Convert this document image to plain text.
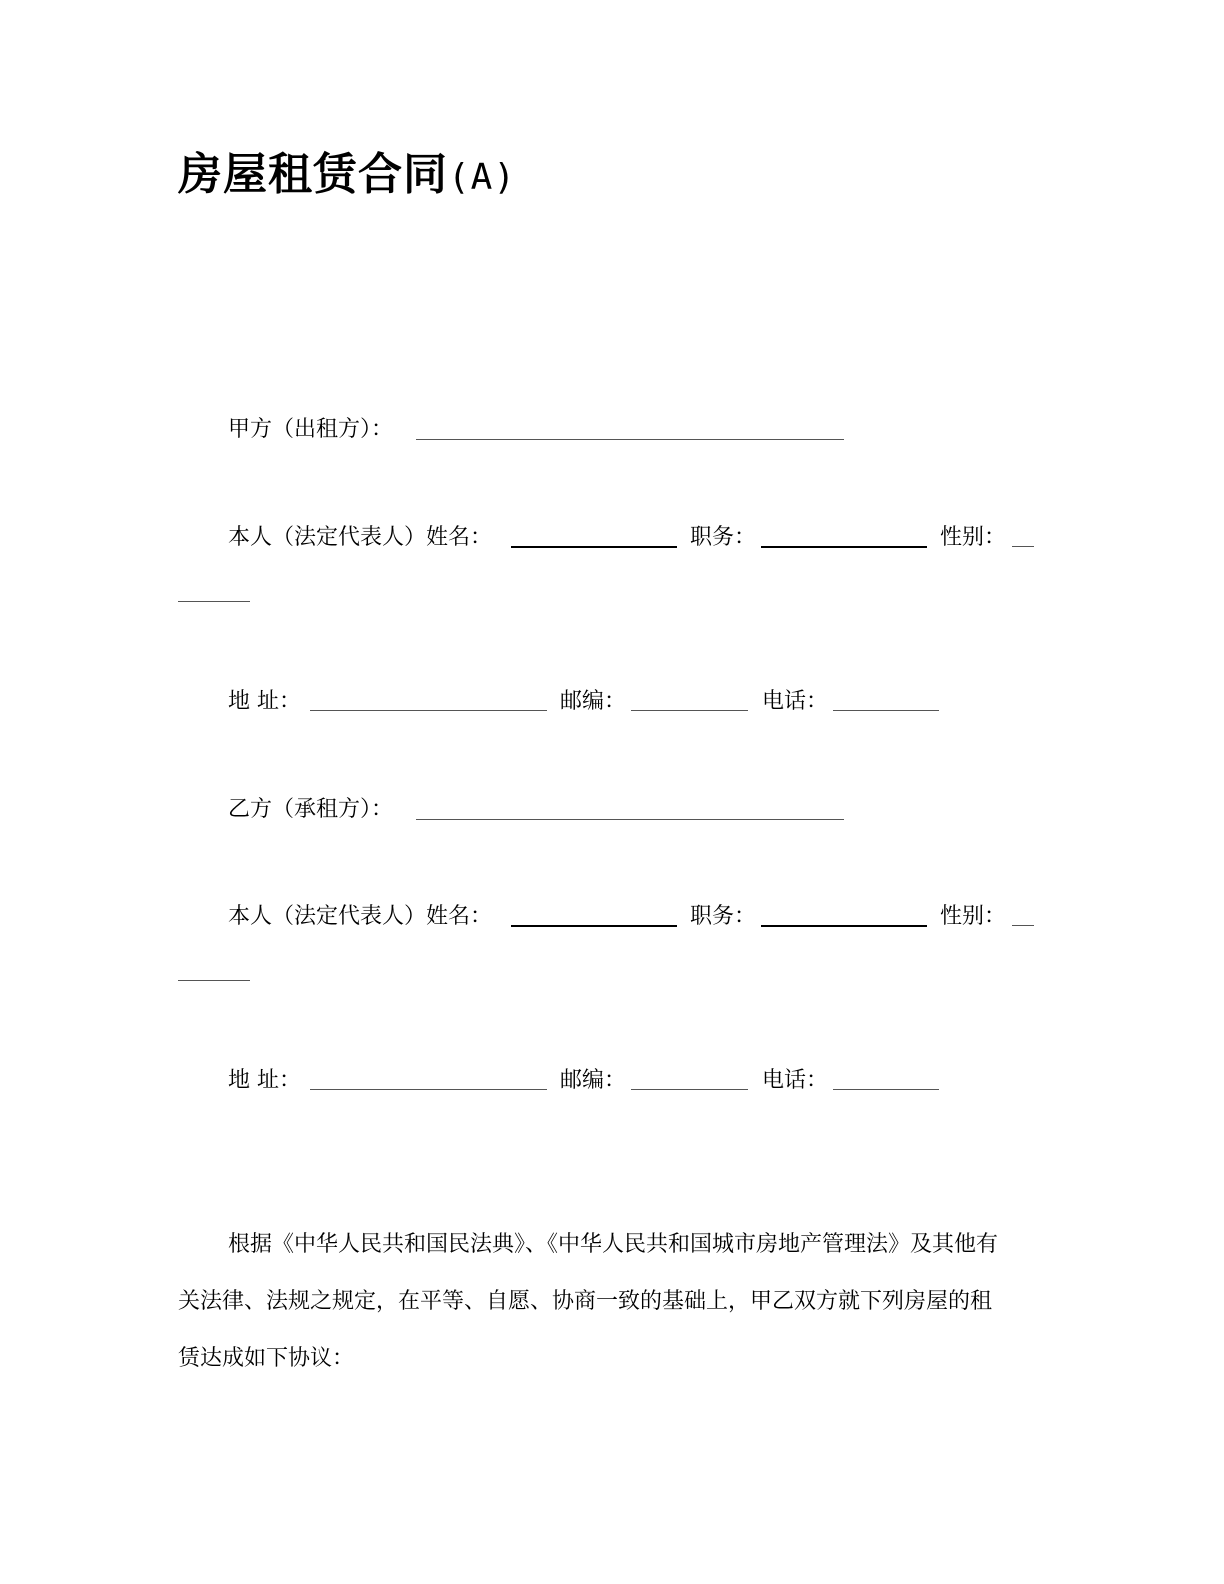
房屋租赁合同(A)
甲方（出租方）：
本人（法定代表人）姓名：	职务：	性别：
地 址：	邮编：	电话：
乙方（承租方）：
本人（法定代表人）姓名：	职务：	性别：
地 址：	邮编：	电话：
根据《中华人民共和国民法典》、《中华人民共和国城市房地产管理法》及其他有
关法律、法规之规定，在平等、自愿、协商一致的基础上，甲乙双方就下列房屋的租
赁达成如下协议：
